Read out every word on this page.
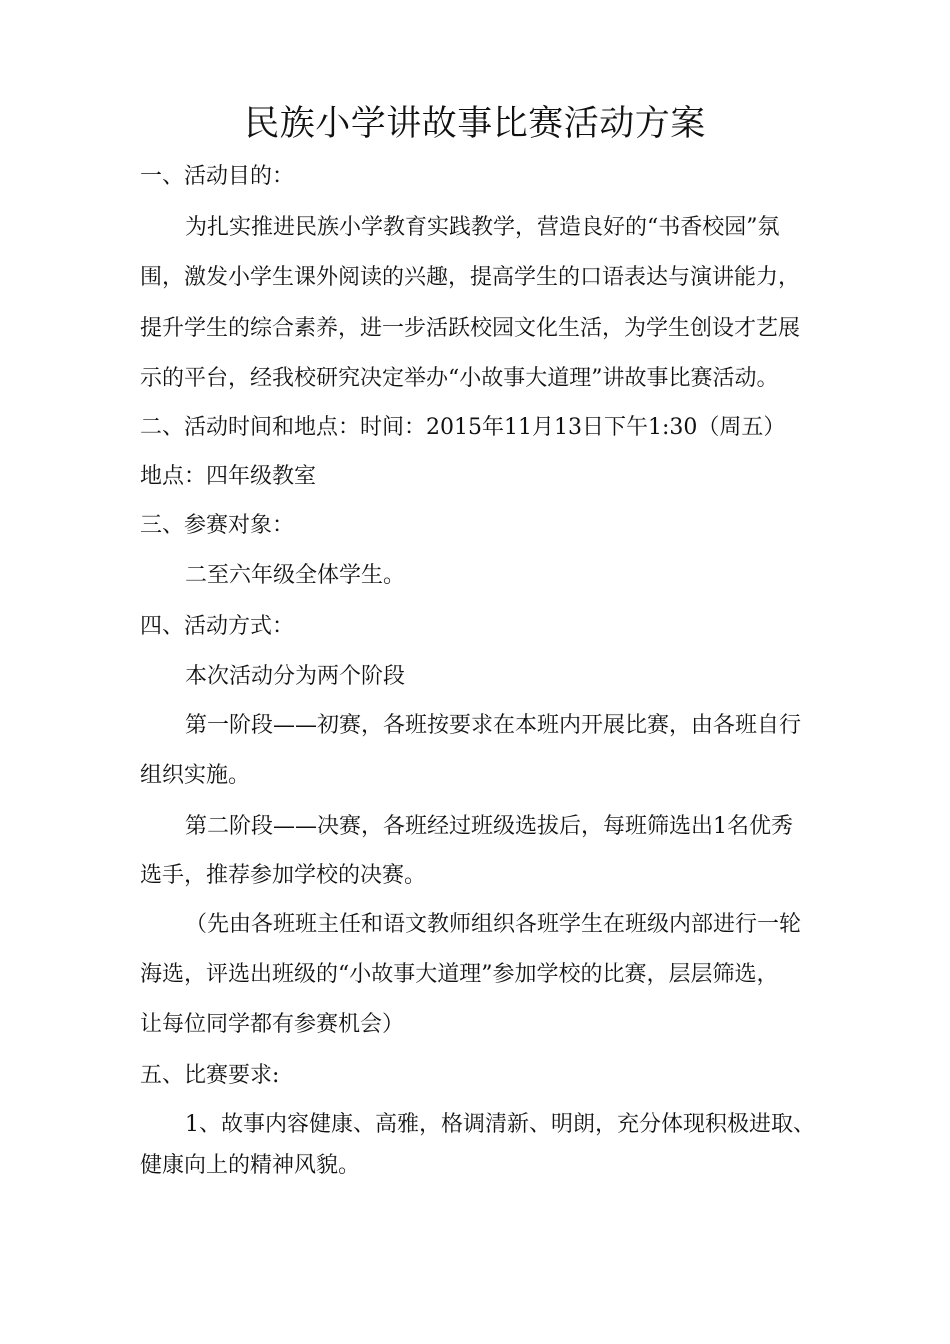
民族小学讲故事比赛活动方案
一、活动目的：
为扎实推进民族小学教育实践教学，营造良好的“书香校园”氛
围，激发小学生课外阅读的兴趣，提高学生的口语表达与演讲能力，
提升学生的综合素养，进一步活跃校园文化生活，为学生创设才艺展
示的平台，经我校研究决定举办“小故事大道理”讲故事比赛活动。
二、活动时间和地点：时间：2015年11月13日下午1:30（周五）
地点：四年级教室
三、参赛对象：
二至六年级全体学生。
四、活动方式：
本次活动分为两个阶段
第一阶段——初赛，各班按要求在本班内开展比赛，由各班自行
组织实施。
第二阶段——决赛，各班经过班级选拔后，每班筛选出1名优秀
选手，推荐参加学校的决赛。
（先由各班班主任和语文教师组织各班学生在班级内部进行一轮
海选，评选出班级的“小故事大道理”参加学校的比赛，层层筛选，
让每位同学都有参赛机会）
五、比赛要求:
1、故事内容健康、高雅，格调清新、明朗，充分体现积极进取、
健康向上的精神风貌。
